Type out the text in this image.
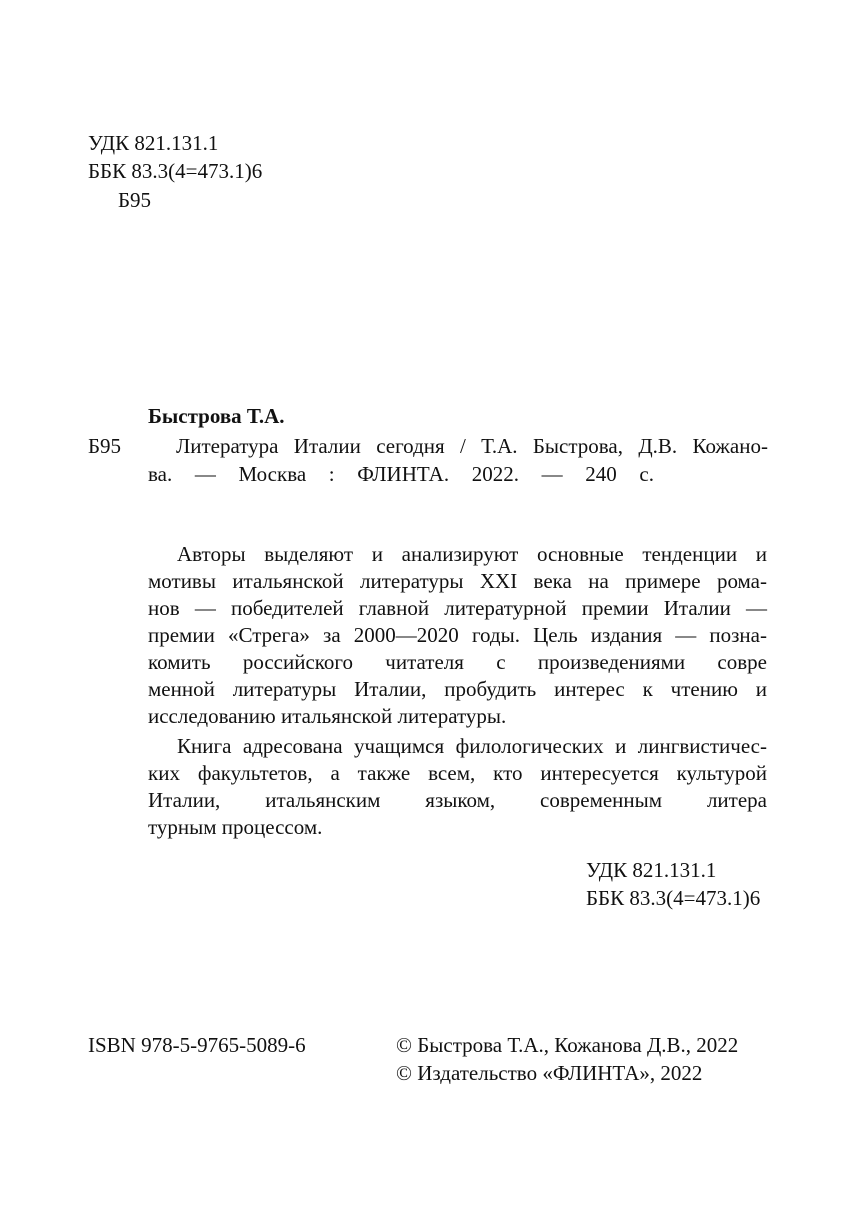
УДК 821.131.1
ББК 83.3(4=473.1)6
Б95
Быстрова Т.А.
Б95	Литература Италии сегодня / Т.А. Быстрова, Д.В. Кожано-
ва. — Москва : ФЛИНТА. 2022. — 240 с.
Авторы выделяют и анализируют основные тенденции и
мотивы итальянской литературы XXI века на примере рома-
нов — победителей главной литературной премии Италии —
премии «Стрега» за 2000—2020 годы. Цель издания — позна-
комить российского читателя с произведениями совре
менной литературы Италии, пробудить интерес к чтению и
исследованию итальянской литературы.
Книга адресована учащимся филологических и лингвистичес-
ких факультетов, а также всем, кто интересуется культурой
Италии, итальянским языком, современным литера
турным процессом.
УДК 821.131.1
ББК 83.3(4=473.1)6
ISBN 978-5-9765-5089-6	© Быстрова Т.А., Кожанова Д.В., 2022
© Издательство «ФЛИНТА», 2022
